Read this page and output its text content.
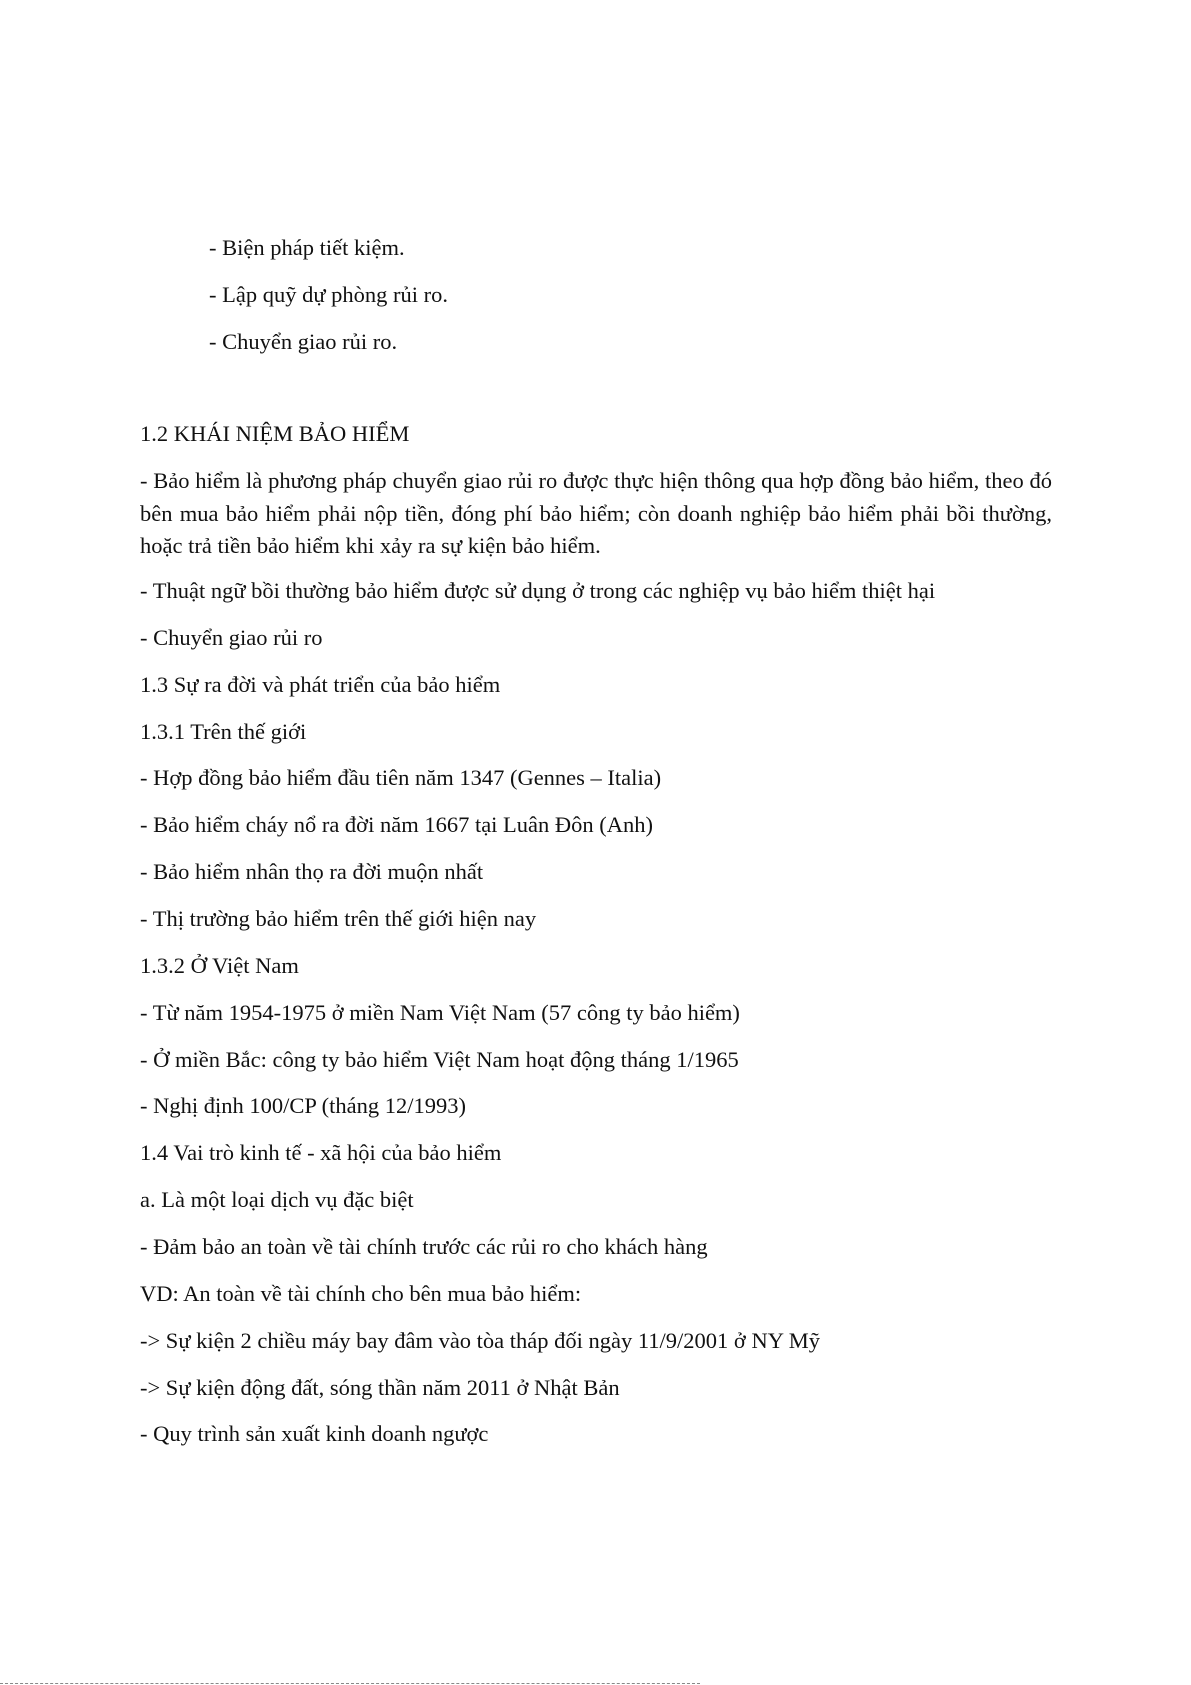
- Biện pháp tiết kiệm.

- Lập quỹ dự phòng rủi ro.

- Chuyển giao rủi ro.

1.2 KHÁI NIỆM BẢO HIỂM

- Bảo hiểm là phương pháp chuyển giao rủi ro được thực hiện thông qua hợp đồng bảo hiểm, theo đó bên mua bảo hiểm phải nộp tiền, đóng phí bảo hiểm; còn doanh nghiệp bảo hiểm phải bồi thường, hoặc trả tiền bảo hiểm khi xảy ra sự kiện bảo hiểm.

- Thuật ngữ bồi thường bảo hiểm được sử dụng ở trong các nghiệp vụ bảo hiểm thiệt hại

- Chuyển giao rủi ro

1.3 Sự ra đời và phát triển của bảo hiểm

1.3.1 Trên thế giới

- Hợp đồng bảo hiểm đầu tiên năm 1347 (Gennes – Italia)

- Bảo hiểm cháy nổ ra đời năm 1667 tại Luân Đôn (Anh)

- Bảo hiểm nhân thọ ra đời muộn nhất

- Thị trường bảo hiểm trên thế giới hiện nay

1.3.2 Ở Việt Nam

- Từ năm 1954-1975 ở miền Nam Việt Nam (57 công ty bảo hiểm)

- Ở miền Bắc: công ty bảo hiểm Việt Nam hoạt động tháng 1/1965

- Nghị định 100/CP (tháng 12/1993)

1.4 Vai trò kinh tế - xã hội của bảo hiểm

a. Là một loại dịch vụ đặc biệt

- Đảm bảo an toàn về tài chính trước các rủi ro cho khách hàng

VD: An toàn về tài chính cho bên mua bảo hiểm:

-> Sự kiện 2 chiều máy bay đâm vào tòa tháp đối ngày 11/9/2001 ở NY Mỹ

-> Sự kiện động đất, sóng thần năm 2011 ở Nhật Bản

- Quy trình sản xuất kinh doanh ngược
